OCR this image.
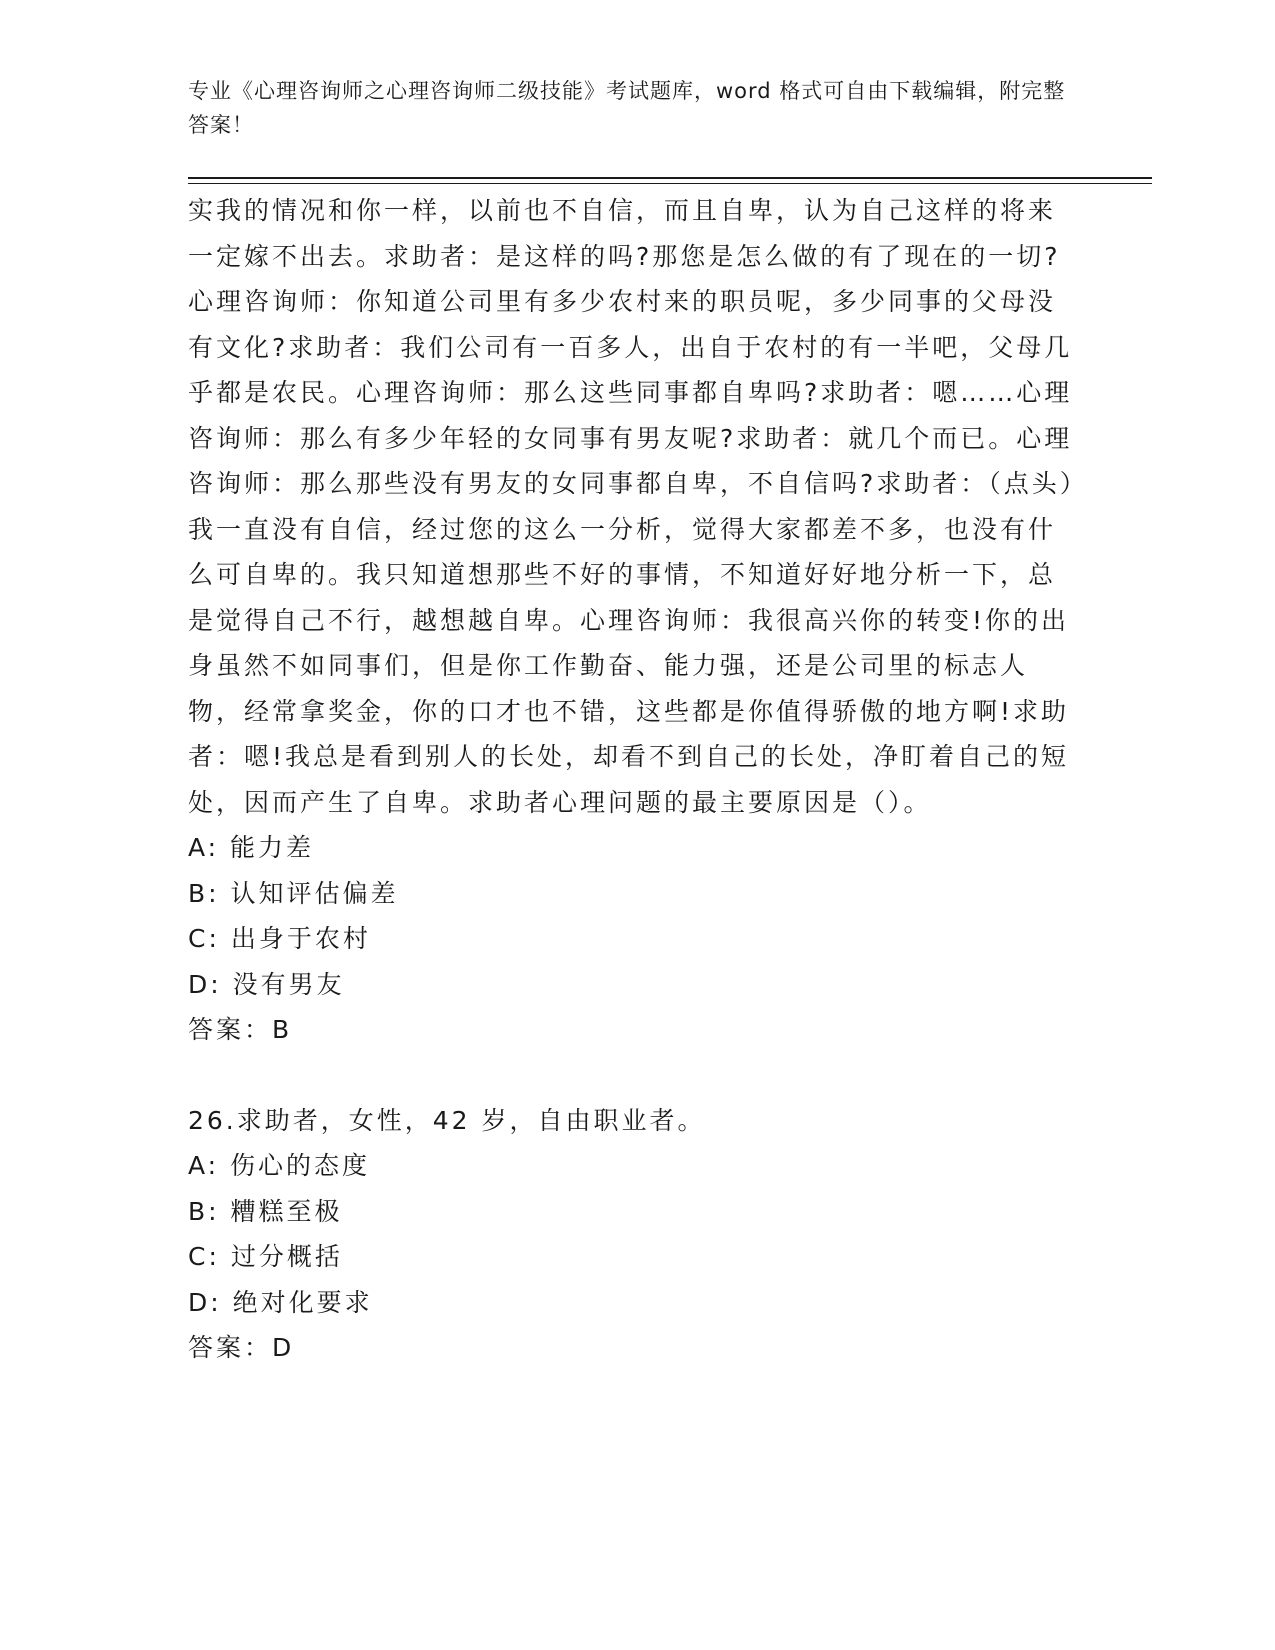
专业《心理咨询师之心理咨询师二级技能》考试题库，word 格式可自由下载编辑，附完整答案！
实我的情况和你一样，以前也不自信，而且自卑，认为自己这样的将来一定嫁不出去。求助者：是这样的吗?那您是怎么做的有了现在的一切?心理咨询师：你知道公司里有多少农村来的职员呢，多少同事的父母没有文化?求助者：我们公司有一百多人，出自于农村的有一半吧，父母几乎都是农民。心理咨询师：那么这些同事都自卑吗?求助者：嗯……心理咨询师：那么有多少年轻的女同事有男友呢?求助者：就几个而已。心理咨询师：那么那些没有男友的女同事都自卑，不自信吗?求助者：（点头）我一直没有自信，经过您的这么一分析，觉得大家都差不多，也没有什么可自卑的。我只知道想那些不好的事情，不知道好好地分析一下，总是觉得自己不行，越想越自卑。心理咨询师：我很高兴你的转变!你的出身虽然不如同事们，但是你工作勤奋、能力强，还是公司里的标志人物，经常拿奖金，你的口才也不错，这些都是你值得骄傲的地方啊!求助者：嗯!我总是看到别人的长处，却看不到自己的长处，净盯着自己的短处，因而产生了自卑。求助者心理问题的最主要原因是（）。
A: 能力差
B: 认知评估偏差
C: 出身于农村
D: 没有男友
答案：B
26.求助者，女性，42 岁，自由职业者。
A: 伤心的态度
B: 糟糕至极
C: 过分概括
D: 绝对化要求
答案：D
